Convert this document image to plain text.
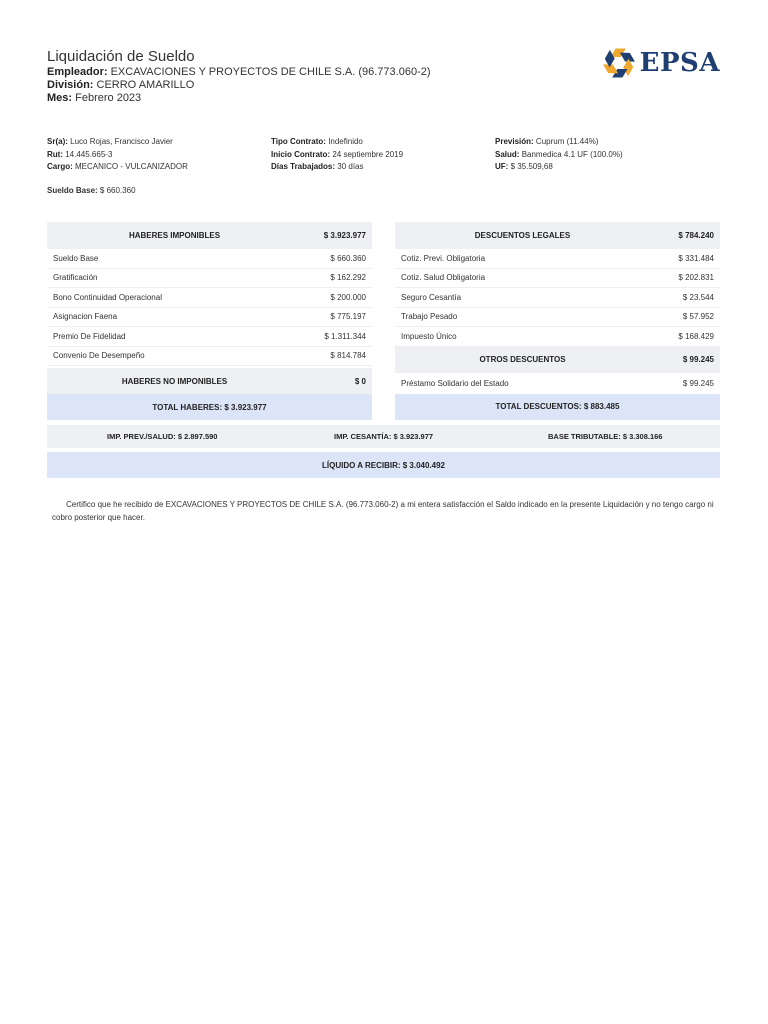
Liquidación de Sueldo
Empleador: EXCAVACIONES Y PROYECTOS DE CHILE S.A. (96.773.060-2)
División: CERRO AMARILLO
Mes: Febrero 2023
EPSA
Sr(a): Luco Rojas, Francisco Javier
Rut: 14.445.665-3
Cargo: MECANICO - VULCANIZADOR
Tipo Contrato: Indefinido
Inicio Contrato: 24 septiembre 2019
Días Trabajados: 30 días
Previsión: Cuprum (11.44%)
Salud: Banmedica 4.1 UF (100.0%)
UF: $ 35.509,68
Sueldo Base: $ 660.360
HABERES IMPONIBLES	$ 3.923.977
Sueldo Base	$ 660.360
Gratificación	$ 162.292
Bono Continuidad Operacional	$ 200.000
Asignacion Faena	$ 775.197
Premio De Fidelidad	$ 1.311.344
Convenio De Desempeño	$ 814.784
HABERES NO IMPONIBLES	$ 0
TOTAL HABERES: $ 3.923.977
DESCUENTOS LEGALES	$ 784.240
Cotiz. Previ. Obligatoria	$ 331.484
Cotiz. Salud Obligatoria	$ 202.831
Seguro Cesantía	$ 23.544
Trabajo Pesado	$ 57.952
Impuesto Único	$ 168.429
OTROS DESCUENTOS	$ 99.245
Préstamo Solidario del Estado	$ 99.245
TOTAL DESCUENTOS: $ 883.485
IMP. PREV./SALUD: $ 2.897.590	IMP. CESANTÍA: $ 3.923.977	BASE TRIBUTABLE: $ 3.308.166
LÍQUIDO A RECIBIR: $ 3.040.492
Certifico que he recibido de EXCAVACIONES Y PROYECTOS DE CHILE S.A. (96.773.060-2) a mi entera satisfacción el Saldo indicado en la presente Liquidación y no tengo cargo ni cobro posterior que hacer.
